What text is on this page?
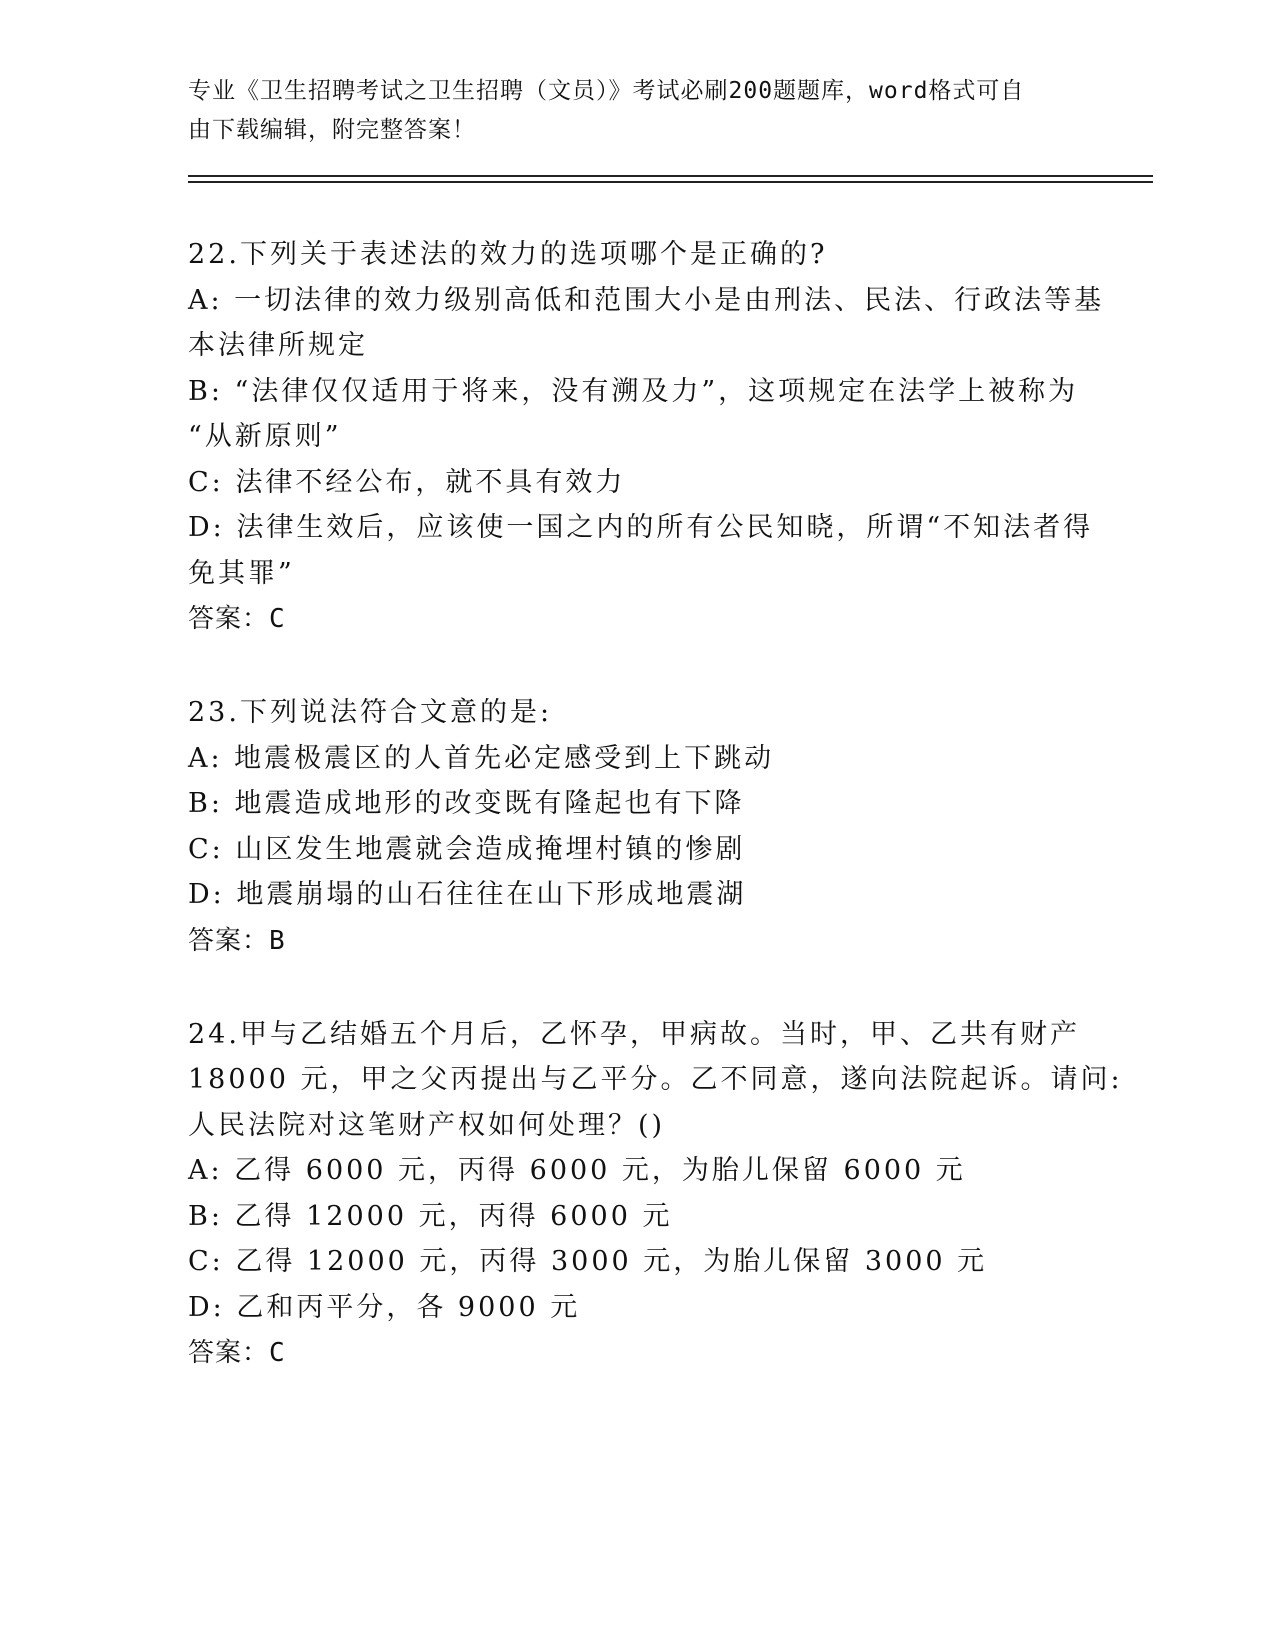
专业《卫生招聘考试之卫生招聘（文员）》考试必刷200题题库，word格式可自
由下载编辑，附完整答案！
22.下列关于表述法的效力的选项哪个是正确的?
A: 一切法律的效力级别高低和范围大小是由刑法、民法、行政法等基
本法律所规定
B: “法律仅仅适用于将来，没有溯及力”，这项规定在法学上被称为
“从新原则”
C: 法律不经公布，就不具有效力
D: 法律生效后，应该使一国之内的所有公民知晓，所谓“不知法者得
免其罪”
答案：C
23.下列说法符合文意的是:
A: 地震极震区的人首先必定感受到上下跳动
B: 地震造成地形的改变既有隆起也有下降
C: 山区发生地震就会造成掩埋村镇的惨剧
D: 地震崩塌的山石往往在山下形成地震湖
答案：B
24.甲与乙结婚五个月后，乙怀孕，甲病故。当时，甲、乙共有财产
18000 元，甲之父丙提出与乙平分。乙不同意，遂向法院起诉。请问:
人民法院对这笔财产权如何处理？()
A: 乙得 6000 元，丙得 6000 元，为胎儿保留 6000 元
B: 乙得 12000 元，丙得 6000 元
C: 乙得 12000 元，丙得 3000 元，为胎儿保留 3000 元
D: 乙和丙平分，各 9000 元
答案：C
